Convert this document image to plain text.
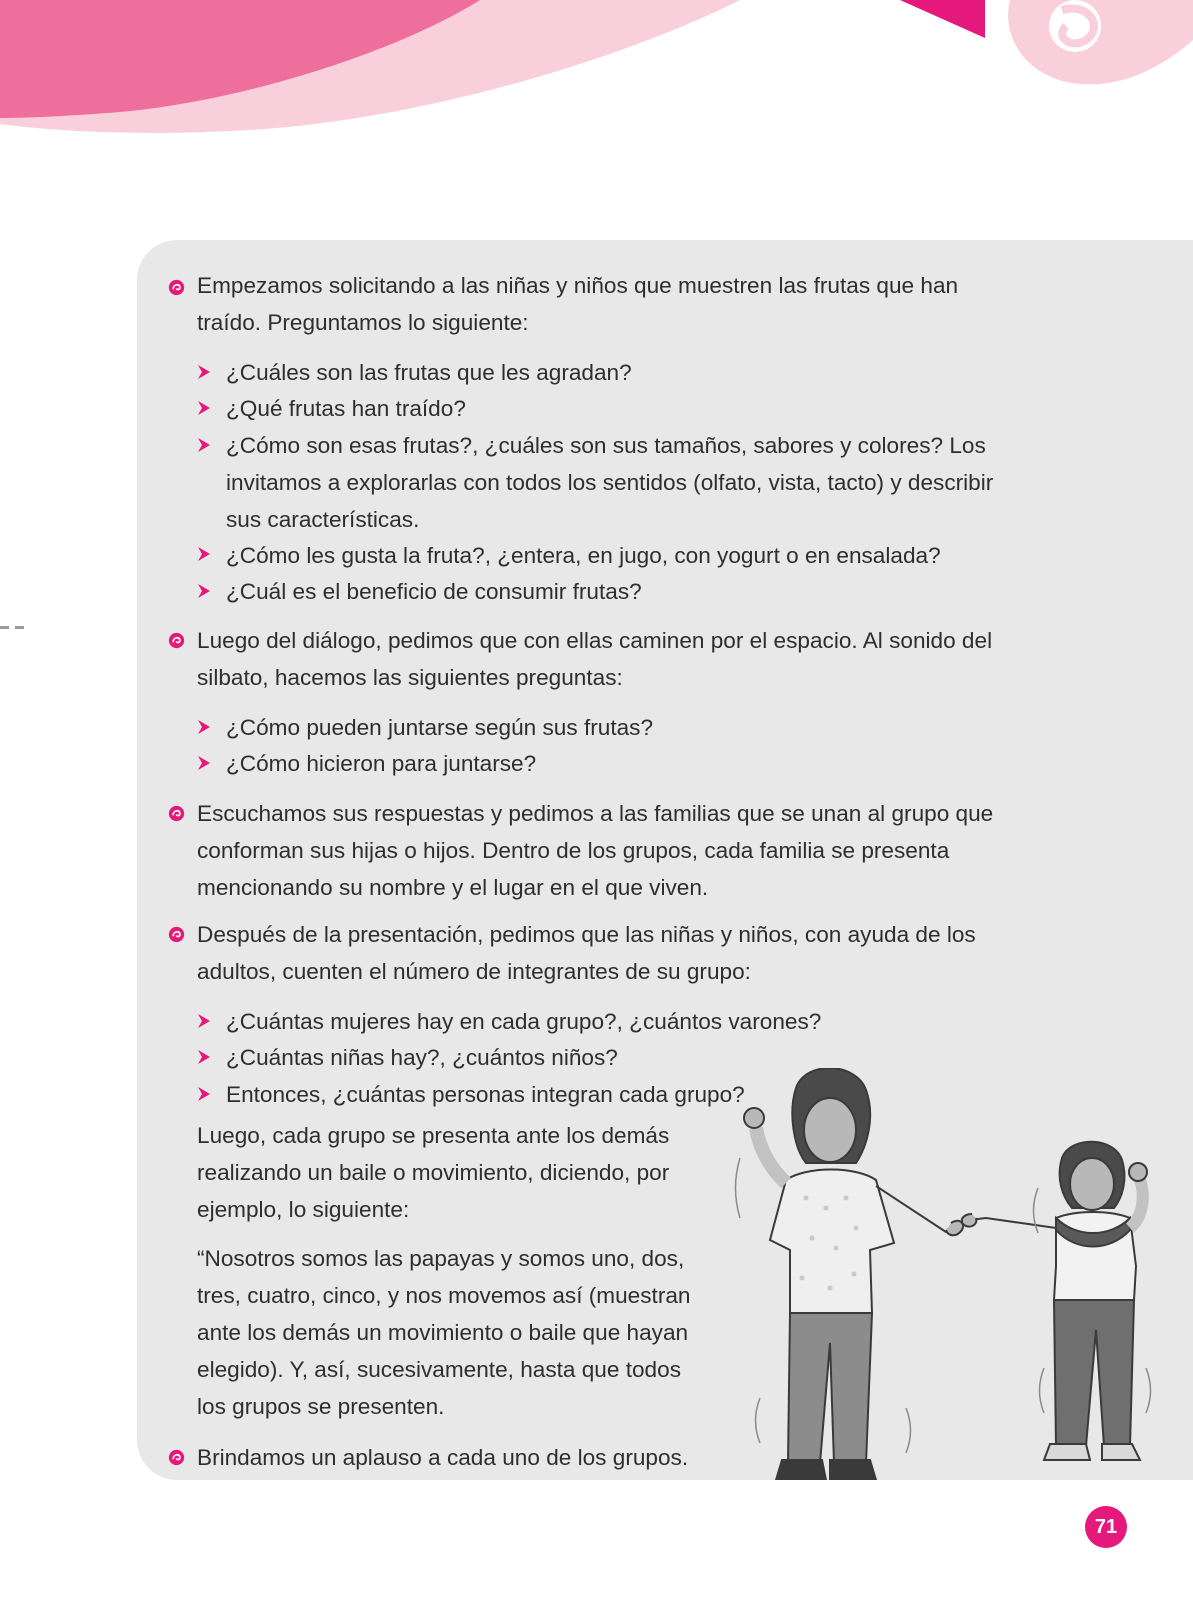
Empezamos solicitando a las niñas y niños que muestren las frutas que han

traído. Preguntamos lo siguiente:

¿Cuáles son las frutas que les agradan?

¿Qué frutas han traído?

¿Cómo son esas frutas?, ¿cuáles son sus tamaños, sabores y colores? Los

invitamos a explorarlas con todos los sentidos (olfato, vista, tacto) y describir

sus características.

¿Cómo les gusta la fruta?, ¿entera, en jugo, con yogurt o en ensalada?

¿Cuál es el beneficio de consumir frutas?

Luego del diálogo, pedimos que con ellas caminen por el espacio. Al sonido del

silbato, hacemos las siguientes preguntas:

¿Cómo pueden juntarse según sus frutas?

¿Cómo hicieron para juntarse?

Escuchamos sus respuestas y pedimos a las familias que se unan al grupo que

conforman sus hijas o hijos. Dentro de los grupos, cada familia se presenta

mencionando su nombre y el lugar en el que viven.

Después de la presentación, pedimos que las niñas y niños, con ayuda de los

adultos, cuenten el número de integrantes de su grupo:

¿Cuántas mujeres hay en cada grupo?, ¿cuántos varones?

¿Cuántas niñas hay?, ¿cuántos niños?

Entonces, ¿cuántas personas integran cada grupo?

Luego, cada grupo se presenta ante los demás

realizando un baile o movimiento, diciendo, por

ejemplo, lo siguiente:

“Nosotros somos las papayas y somos uno, dos,

tres, cuatro, cinco, y nos movemos así (muestran

ante los demás un movimiento o baile que hayan

elegido). Y, así, sucesivamente, hasta que todos

los grupos se presenten.

Brindamos un aplauso a cada uno de los grupos.

71
